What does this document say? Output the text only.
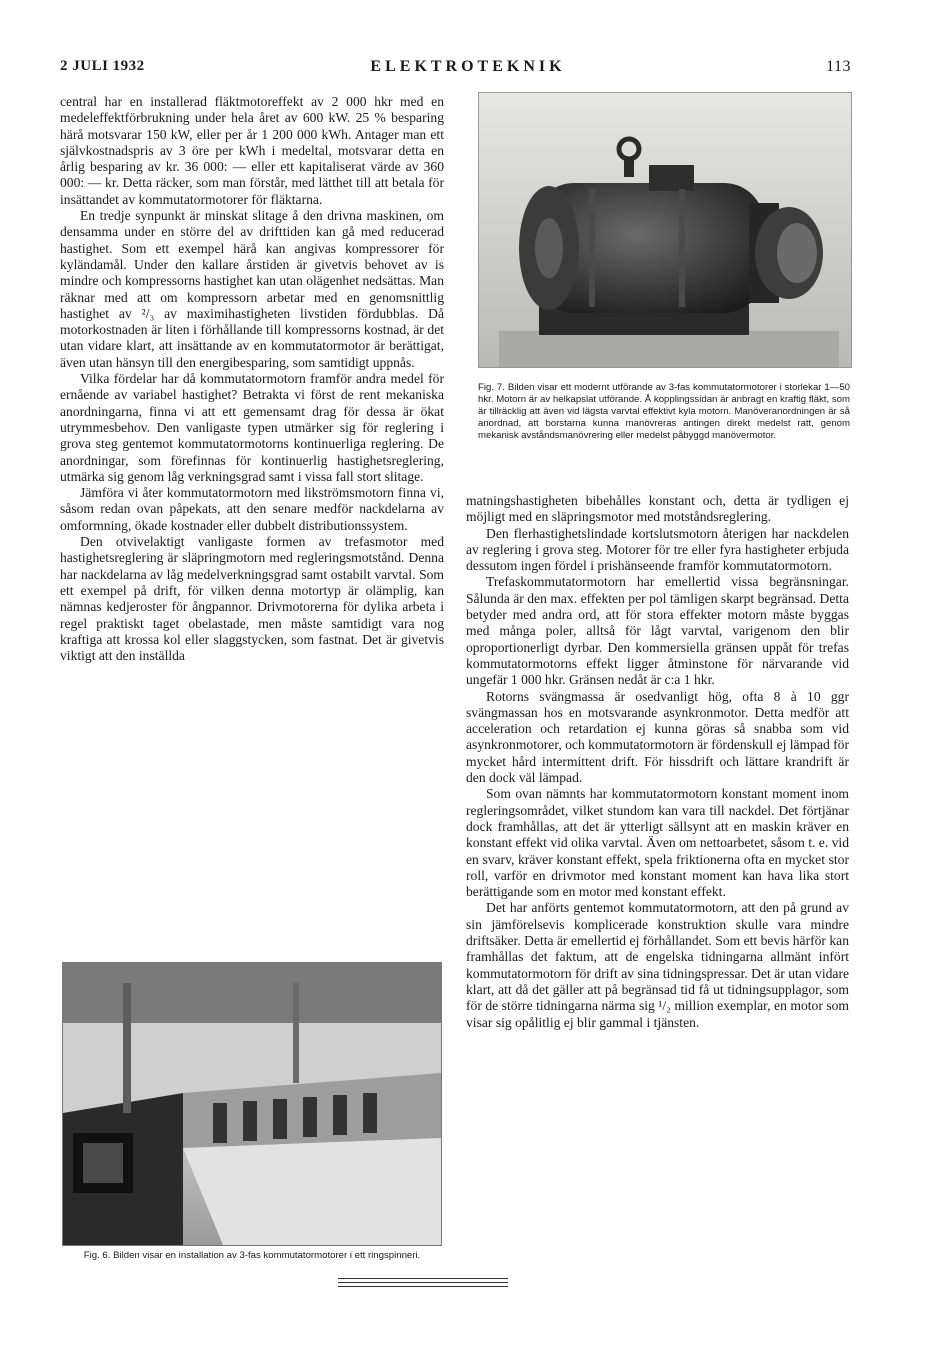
2 JULI 1932	ELEKTROTEKNIK	113

central har en installerad fläktmotoreffekt av 2 000 hkr med en medeleffektförbrukning under hela året av 600 kW. 25 % besparing härå motsvarar 150 kW, eller per år 1 200 000 kWh. Antager man ett självkostnadspris av 3 öre per kWh i medeltal, motsvarar detta en årlig besparing av kr. 36 000: — eller ett kapitaliserat värde av 360 000: — kr. Detta räcker, som man förstår, med lätthet till att betala för insättandet av kommutatormotorer för fläktarna.

En tredje synpunkt är minskat slitage å den drivna maskinen, om densamma under en större del av drifttiden kan gå med reducerad hastighet. Som ett exempel härå kan angivas kompressorer för kyländamål. Under den kallare årstiden är givetvis behovet av is mindre och kompressorns hastighet kan utan olägenhet nedsättas. Man räknar med att om kompressorn arbetar med en genomsnittlig hastighet av ²/₃ av maximihastigheten livstiden fördubblas. Då motorkostnaden är liten i förhållande till kompressorns kostnad, är det utan vidare klart, att insättande av en kommutatormotor är berättigat, även utan hänsyn till den energibesparing, som samtidigt uppnås.

Vilka fördelar har då kommutatormotorn framför andra medel för ernående av variabel hastighet? Betrakta vi först de rent mekaniska anordningarna, finna vi att ett gemensamt drag för dessa är ökat utrymmesbehov. Den vanligaste typen utmärker sig för reglering i grova steg gentemot kommutatormotorns kontinuerliga reglering. De anordningar, som förefinnas för kontinuerlig hastighetsreglering, utmärka sig genom låg verkningsgrad samt i vissa fall stort slitage.

Jämföra vi åter kommutatormotorn med likströmsmotorn finna vi, såsom redan ovan påpekats, att den senare medför nackdelarna av omformning, ökade kostnader eller dubbelt distributionssystem.

Den otvivelaktigt vanligaste formen av trefasmotor med hastighetsreglering är släpringmotorn med regleringsmotstånd. Denna har nackdelarna av låg medelverkningsgrad samt ostabilt varvtal. Som ett exempel på drift, för vilken denna motortyp är olämplig, kan nämnas kedjeroster för ångpannor. Drivmotorerna för dylika arbeta i regel praktiskt taget obelastade, men måste samtidigt vara nog kraftiga att krossa kol eller slaggstycken, som fastnat. Det är givetvis viktigt att den inställda

Fig. 7. Bilden visar ett modernt utförande av 3-fas kommutatormotorer i storlekar 1—50 hkr. Motorn är av helkapslat utförande. Å kopplingssidan är anbragt en kraftig fläkt, som är tillräcklig att även vid lägsta varvtal effektivt kyla motorn. Manöveranordningen är så anordnad, att borstarna kunna manövreras antingen direkt medelst ratt, genom mekanisk avståndsmanövrering eller medelst påbyggd manövermotor.

matningshastigheten bibehålles konstant och, detta är tydligen ej möjligt med en släpringsmotor med motståndsreglering.

Den flerhastighetslindade kortslutsmotorn återigen har nackdelen av reglering i grova steg. Motorer för tre eller fyra hastigheter erbjuda dessutom ingen fördel i prishänseende framför kommutatormotorn.

Trefaskommutatormotorn har emellertid vissa begränsningar. Sålunda är den max. effekten per pol tämligen skarpt begränsad. Detta betyder med andra ord, att för stora effekter motorn måste byggas med många poler, alltså för lågt varvtal, varigenom den blir oproportionerligt dyrbar. Den kommersiella gränsen uppåt för trefas kommutatormotorns effekt ligger åtminstone för närvarande vid ungefär 1 000 hkr. Gränsen nedåt är c:a 1 hkr.

Rotorns svängmassa är osedvanligt hög, ofta 8 à 10 ggr svängmassan hos en motsvarande asynkronmotor. Detta medför att acceleration och retardation ej kunna göras så snabba som vid asynkronmotorer, och kommutatormotorn är fördenskull ej lämpad för mycket hård intermittent drift. För hissdrift och lättare krandrift är den dock väl lämpad.

Som ovan nämnts har kommutatormotorn konstant moment inom regleringsområdet, vilket stundom kan vara till nackdel. Det förtjänar dock framhållas, att det är ytterligt sällsynt att en maskin kräver en konstant effekt vid olika varvtal. Även om nettoarbetet, såsom t. e. vid en svarv, kräver konstant effekt, spela friktionerna ofta en mycket stor roll, varför en drivmotor med konstant moment kan hava lika stort berättigande som en motor med konstant effekt.

Det har anförts gentemot kommutatormotorn, att den på grund av sin jämförelsevis komplicerade konstruktion skulle vara mindre driftsäker. Detta är emellertid ej förhållandet. Som ett bevis härför kan framhållas det faktum, att de engelska tidningarna allmänt infört kommutatormotorn för drift av sina tidningspressar. Det är utan vidare klart, att då det gäller att på begränsad tid få ut tidningsupplagor, som för de större tidningarna närma sig ¹/₂ million exemplar, en motor som visar sig opålitlig ej blir gammal i tjänsten.

Fig. 6. Bilden visar en installation av 3-fas kommutatormotorer i ett ringspinneri.
